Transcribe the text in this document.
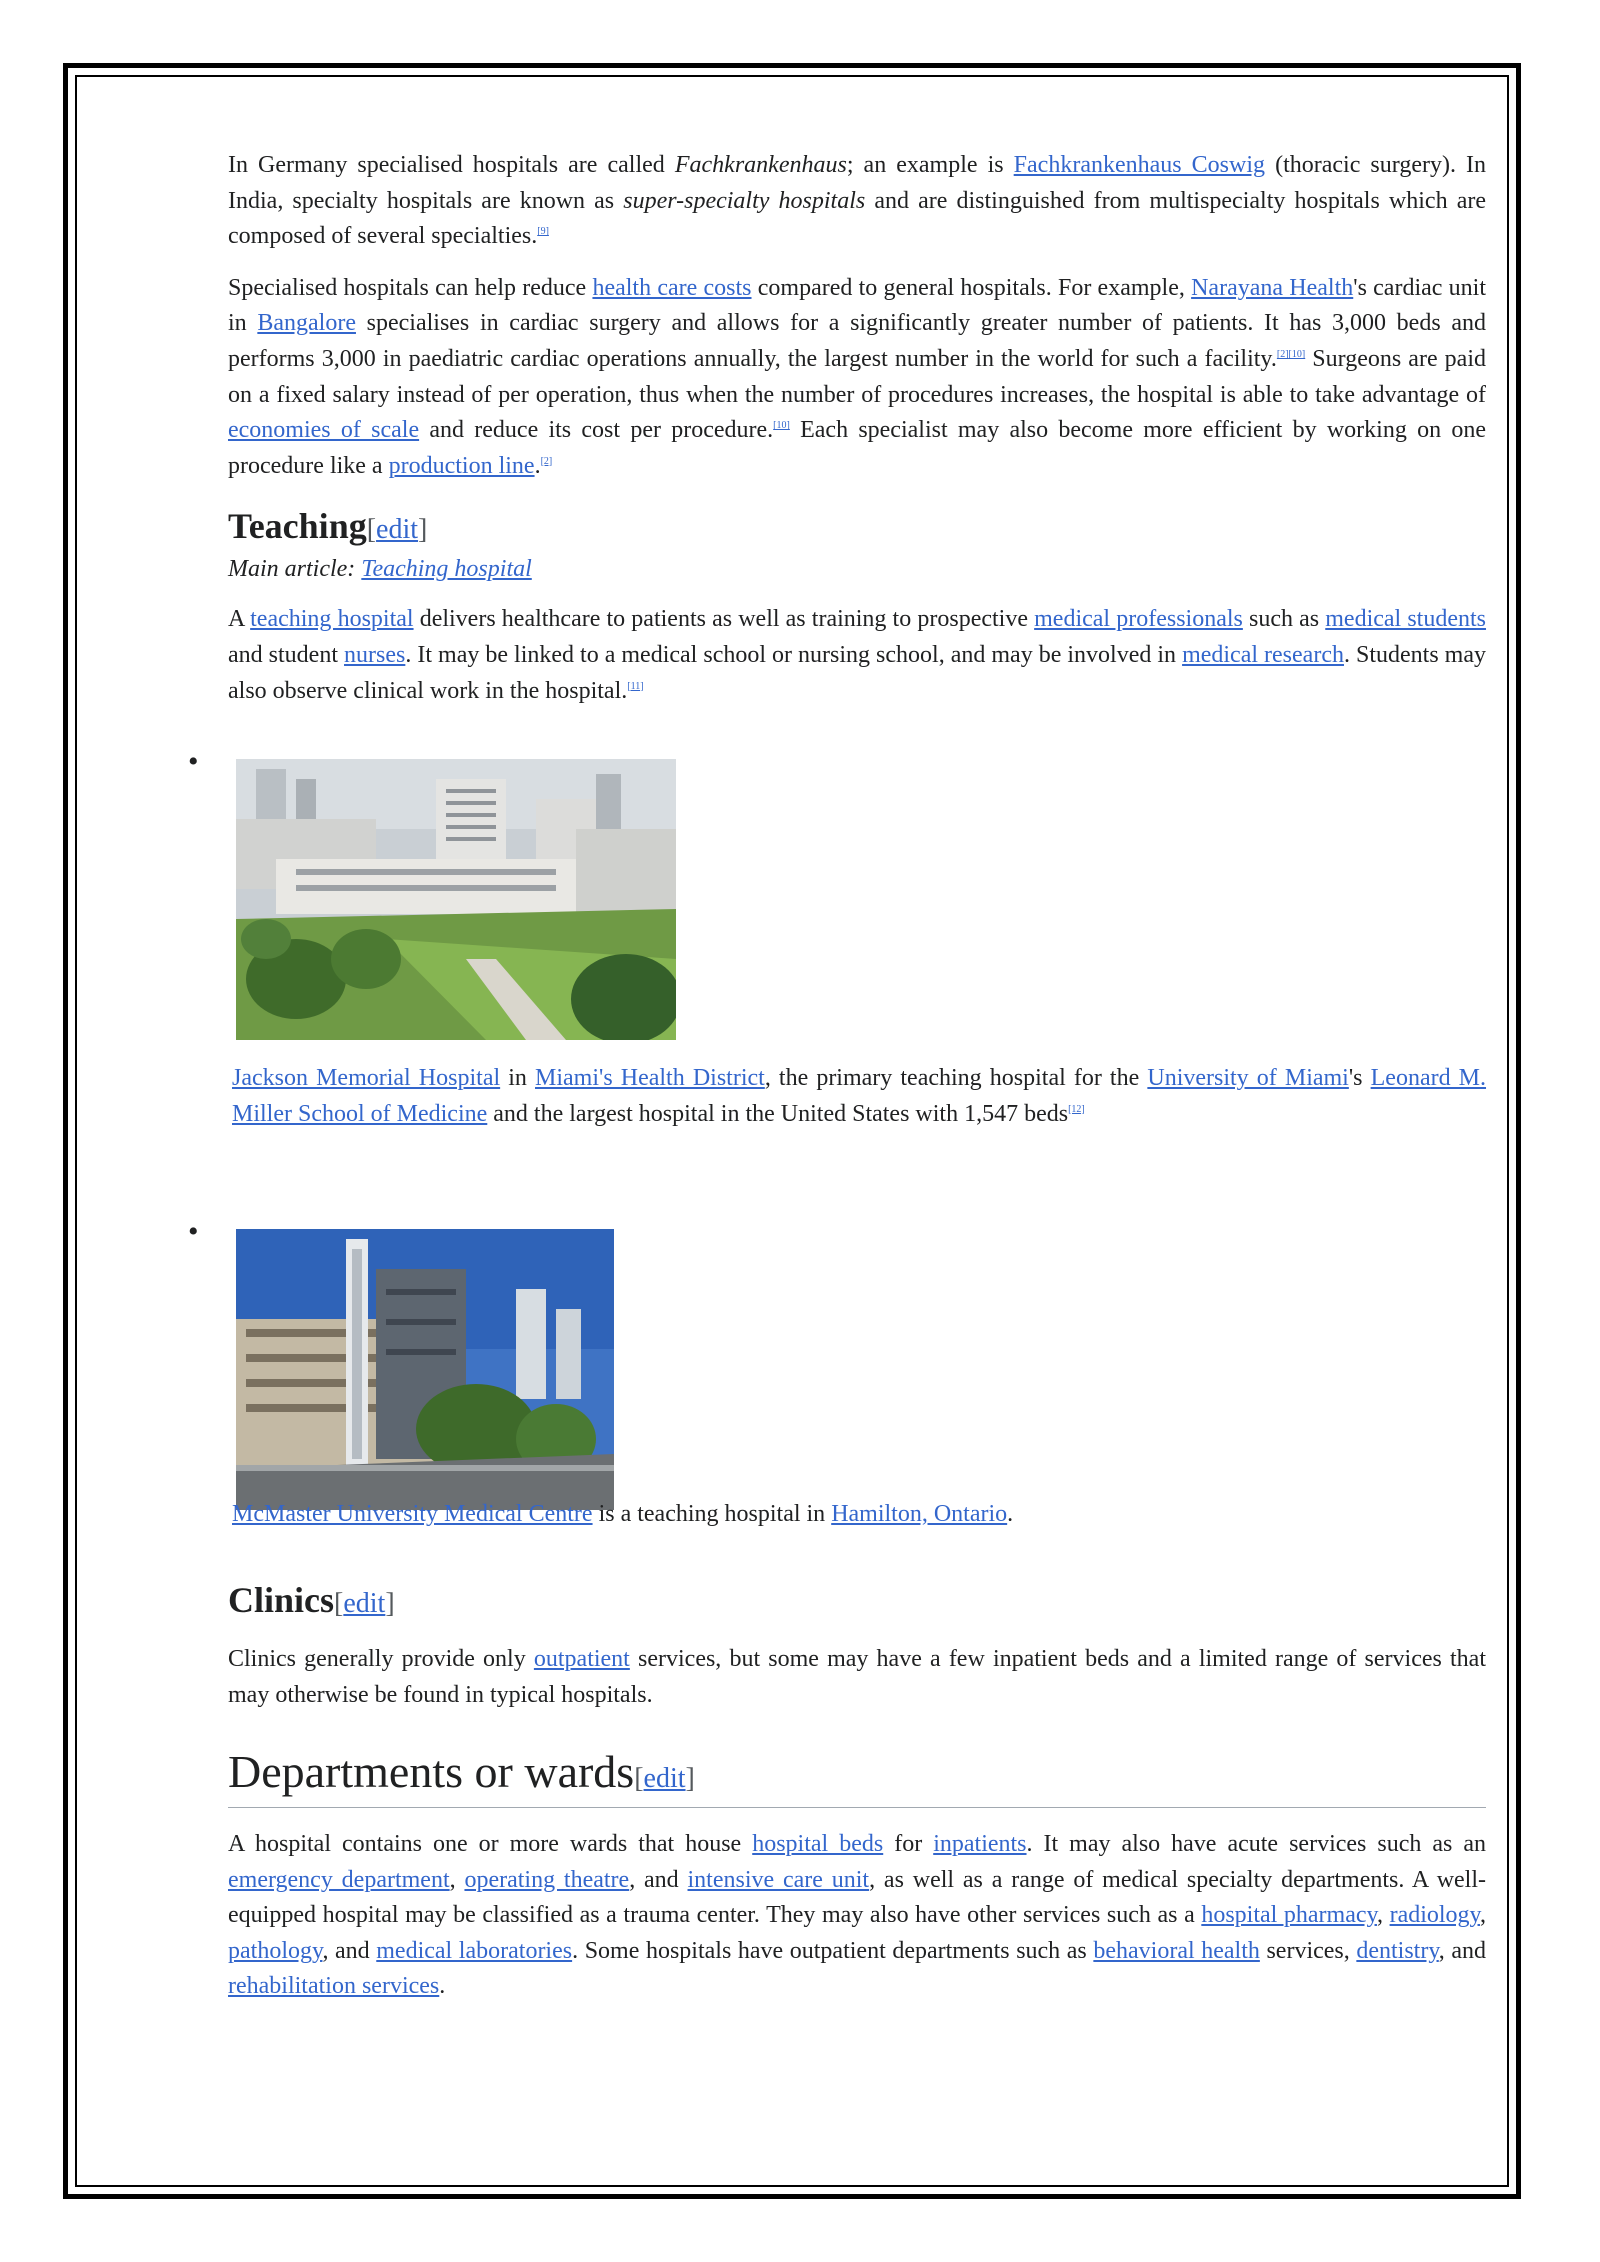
In Germany specialised hospitals are called Fachkrankenhaus; an example is Fachkrankenhaus Coswig (thoracic surgery). In India, specialty hospitals are known as super-specialty hospitals and are distinguished from multispecialty hospitals which are composed of several specialties.[9]

Specialised hospitals can help reduce health care costs compared to general hospitals. For example, Narayana Health's cardiac unit in Bangalore specialises in cardiac surgery and allows for a significantly greater number of patients. It has 3,000 beds and performs 3,000 in paediatric cardiac operations annually, the largest number in the world for such a facility.[2][10] Surgeons are paid on a fixed salary instead of per operation, thus when the number of procedures increases, the hospital is able to take advantage of economies of scale and reduce its cost per procedure.[10] Each specialist may also become more efficient by working on one procedure like a production line.[2]

Teaching[edit]
Main article: Teaching hospital

A teaching hospital delivers healthcare to patients as well as training to prospective medical professionals such as medical students and student nurses. It may be linked to a medical school or nursing school, and may be involved in medical research. Students may also observe clinical work in the hospital.[11]

•
Jackson Memorial Hospital in Miami's Health District, the primary teaching hospital for the University of Miami's Leonard M. Miller School of Medicine and the largest hospital in the United States with 1,547 beds[12]
•
McMaster University Medical Centre is a teaching hospital in Hamilton, Ontario.
Clinics[edit]

Clinics generally provide only outpatient services, but some may have a few inpatient beds and a limited range of services that may otherwise be found in typical hospitals.

Departments or wards[edit]

A hospital contains one or more wards that house hospital beds for inpatients. It may also have acute services such as an emergency department, operating theatre, and intensive care unit, as well as a range of medical specialty departments. A well-equipped hospital may be classified as a trauma center. They may also have other services such as a hospital pharmacy, radiology, pathology, and medical laboratories. Some hospitals have outpatient departments such as behavioral health services, dentistry, and rehabilitation services.
